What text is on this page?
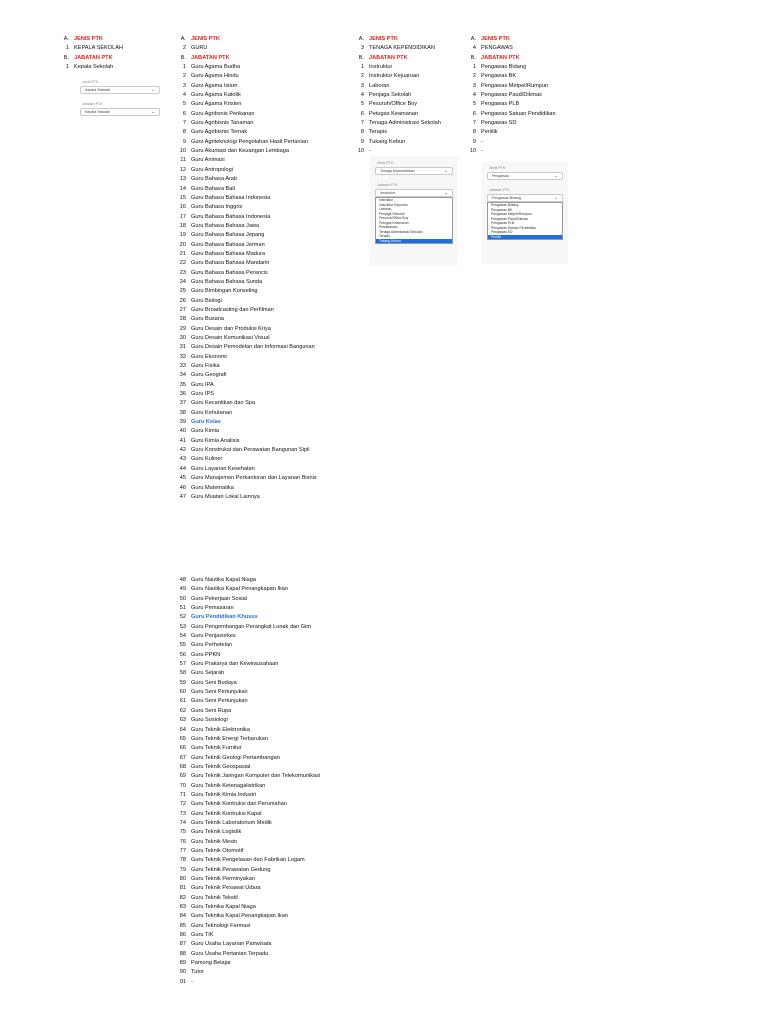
A. JENIS PTK
1 KEPALA SEKOLAH
B. JABATAN PTK
1 Kepala Sekolah
Jenis PTK
Kepala Sekolah	⌄
Jabatan PTK
Kepala Sekolah	⌄
A. JENIS PTK
2 GURU
B. JABATAN PTK
1 Guru Agama Budha
2 Guru Agama Hindu
3 Guru Agama Islam
4 Guru Agama Katolik
5 Guru Agama Kristen
6 Guru Agribsnis Perikanan
7 Guru Agribisnis Tanaman
8 Guru Agribisnis Ternak
9 Guru Agriteknologi Pengolahan Hasil Pertanian
10 Guru Akuntasi dan Keuangan Lembaga
11 Guru Animasi
12 Guru Antropologi
13 Guru Bahasa Arab
14 Guru Bahasa Bali
15 Guru Bahasa Bahasa Indonesia
16 Guru Bahasa Inggris
17 Guru Bahasa Bahasa Indonesia
18 Guru Bahasa Bahasa Jawa
19 Guru Bahasa Bahasa Jepang
20 Guru Bahasa Bahasa Jerman
21 Guru Bahasa Bahasa Madura
22 Guru Bahasa Bahasa Mandarin
23 Guru Bahasa Bahasa Perancis
24 Guru Bahasa Bahasa Sunda
25 Guru Bimbingan Konseling
26 Guru Biologi
27 Guru Broadcasting dan Perfilman
28 Guru Busana
29 Guru Desain dan Produksi Kriya
30 Guru Desain Komunikasi Visual
31 Guru Desain Pemodelan dan Informasi Bangunan
32 Guru Ekonomi
33 Guru Fisika
34 Guru Geografi
35 Guru IPA
36 Guru IPS
37 Guru Kecantikan dan Spa
38 Guru Kehutanan
39 Guru Kelas
40 Guru Kimia
41 Guru Kimia Analisis
42 Guru Konstruksi dan Perawatan Bangunan Sipil
43 Guru Kuliner
44 Guru Layanan Kesehatan
45 Guru Manajemen Perkantoran dan Layanan Bisnis
46 Guru Matematika
47 Guru Muatan Lokal Lainnya
48 Guru Nautika Kapal Niaga
49 Guru Nautika Kapal Penangkapan Ikan
50 Guru Pekerjaan Sosial
51 Guru Pemasaran
52 Guru Pendidikan Khusus
53 Guru Pengembangan Perangkat Lunak dan Gim
54 Guru Penjasorkes
55 Guru Perhotelan
56 Guru PPKN
57 Guru Prakarya dan Kewirausahaan
58 Guru Sejarah
59 Guru Seni Budaya
60 Guru Seni Pertunjukan
61 Guru Seni Pertunjukan
62 Guru Seni Rupa
63 Guru Sosiologi
64 Guru Teknik Elektronika
65 Guru Teknik Energi Terbarukan
66 Guru Teknik Furnitur
67 Guru Teknik Geologi Pertambangan
68 Guru Teknik Geospasial
69 Guru Teknik Jaringan Komputer dan Telekomunikasi
70 Guru Teknik Ketenagalistrikan
71 Guru Teknik Kimia Industri
72 Guru Teknik Kontruksi dan Perumahan
73 Guru Teknik Kontruksi Kapal
74 Guru Teknik Laboratorium Medik
75 Guru Teknik Logistik
76 Guru Teknik Mesin
77 Guru Teknik Otomotif
78 Guru Teknik Pengelasan dan Fabrikan Logam
79 Guru Teknik Perawatan Gedung
80 Guru Teknik Perminyakan
81 Guru Teknik Pesawat Udara
82 Guru Teknik Tekstil
83 Guru Teknika Kapal Niaga
84 Guru Teknika Kapal Penangkapan Ikan
85 Guru Teknologi Farmasi
86 Guru TIK
87 Guru Usaha Layanan Pariwisata
88 Guru Usaha Pertanian Terpadu
89 Pamong Belajar
90 Tutor
91 -
A. JENIS PTK
3 TENAGA KEPENDIDIKAN
B. JABATAN PTK
1 Instruktur
2 Instruktur Kejuaruan
3 Laboran
4 Penjaga Sekolah
5 Pesuruh/Office Boy
6 Petugas Keamanan
7 Tenaga Administrasi Sekolah
8 Terapis
9 Tukang Kebun
10 -
Jenis PTK
Tenaga Kependidikan	⌄
Jabatan PTK
Instruktur	⌄
Instruktur
Instruktur Kejuruan
Laboran
Penjaga Sekolah
Pesuruh/Office Boy
Petugas Keamanan
Pustakawan
Tenaga Administrasi Sekolah
Terapis
Tukang Kebun
A. JENIS PTK
4 PENGAWAS
B. JABATAN PTK
1 Pengawas Bidang
2 Pengawas BK
3 Pengawas Metpel/Rumpun
4 Pengawas Paud/Dikmas
5 Pengawas PLB
6 Pengawas Satuan Pendidikan
7 Pengawas SD
8 Penilik
9 -
10 -
Jenis PTK
Pengawas	⌄
Jabatan PTK
Pengawas Bidang	⌄
Pengawas Bidang
Pengawas BK
Pengawas Metpel/Rumpun
Pengawas Paud/Dikmas
Pengawas PLB
Pengawas Satuan Pendidikan
Pengawas SD
Penilik
